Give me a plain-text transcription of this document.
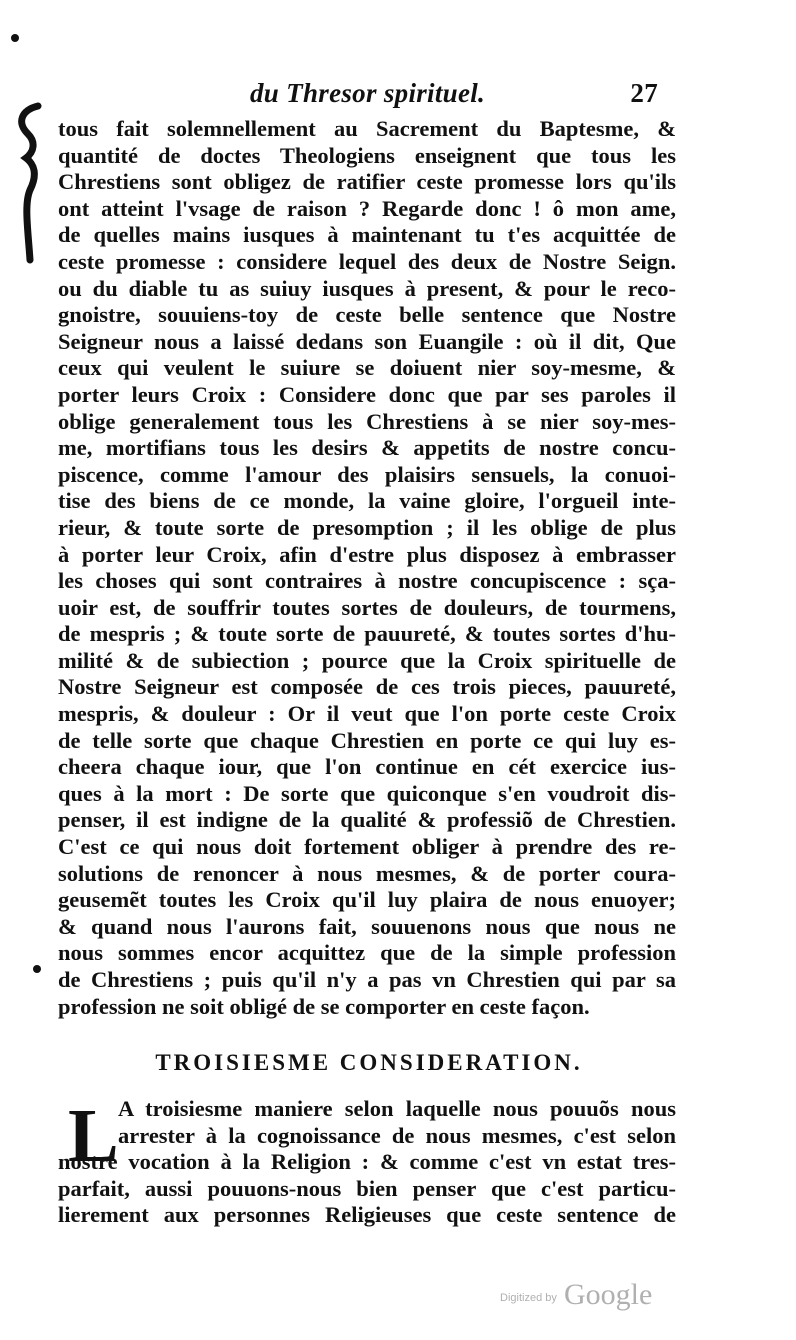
du Thresor spirituel.	27
tous fait solemnellement au Sacrement du Baptesme, &
quantité de doctes Theologiens enseignent que tous les
Chrestiens sont obligez de ratifier ceste promesse lors qu'ils
ont atteint l'vsage de raison ? Regarde donc ! ô mon ame,
de quelles mains iusques à maintenant tu t'es acquittée de
ceste promesse : considere lequel des deux de Nostre Seign.
ou du diable tu as suiuy iusques à present, & pour le reco-
gnoistre, souuiens-toy de ceste belle sentence que Nostre
Seigneur nous a laissé dedans son Euangile : où il dit, Que
ceux qui veulent le suiure se doiuent nier soy-mesme, &
porter leurs Croix : Considere donc que par ses paroles il
oblige generalement tous les Chrestiens à se nier soy-mes-
me, mortifians tous les desirs & appetits de nostre concu-
piscence, comme l'amour des plaisirs sensuels, la conuoi-
tise des biens de ce monde, la vaine gloire, l'orgueil inte-
rieur, & toute sorte de presomption ; il les oblige de plus
à porter leur Croix, afin d'estre plus disposez à embrasser
les choses qui sont contraires à nostre concupiscence : sça-
uoir est, de souffrir toutes sortes de douleurs, de tourmens,
de mespris ; & toute sorte de pauureté, & toutes sortes d'hu-
milité & de subiection ; pource que la Croix spirituelle de
Nostre Seigneur est composée de ces trois pieces, pauureté,
mespris, & douleur : Or il veut que l'on porte ceste Croix
de telle sorte que chaque Chrestien en porte ce qui luy es-
cheera chaque iour, que l'on continue en cét exercice ius-
ques à la mort : De sorte que quiconque s'en voudroit dis-
penser, il est indigne de la qualité & professiõ de Chrestien.
C'est ce qui nous doit fortement obliger à prendre des re-
solutions de renoncer à nous mesmes, & de porter coura-
geusemẽt toutes les Croix qu'il luy plaira de nous enuoyer;
& quand nous l'aurons fait, souuenons nous que nous ne
nous sommes encor acquittez que de la simple profession
de Chrestiens ; puis qu'il n'y a pas vn Chrestien qui par sa
profession ne soit obligé de se comporter en ceste façon.
TROISIESME CONSIDERATION.
L A troisiesme maniere selon laquelle nous pouuõs nous
arrester à la cognoissance de nous mesmes, c'est selon
nostre vocation à la Religion : & comme c'est vn estat tres-
parfait, aussi pouuons-nous bien penser que c'est particu-
lierement aux personnes Religieuses que ceste sentence de
Digitized by Google
